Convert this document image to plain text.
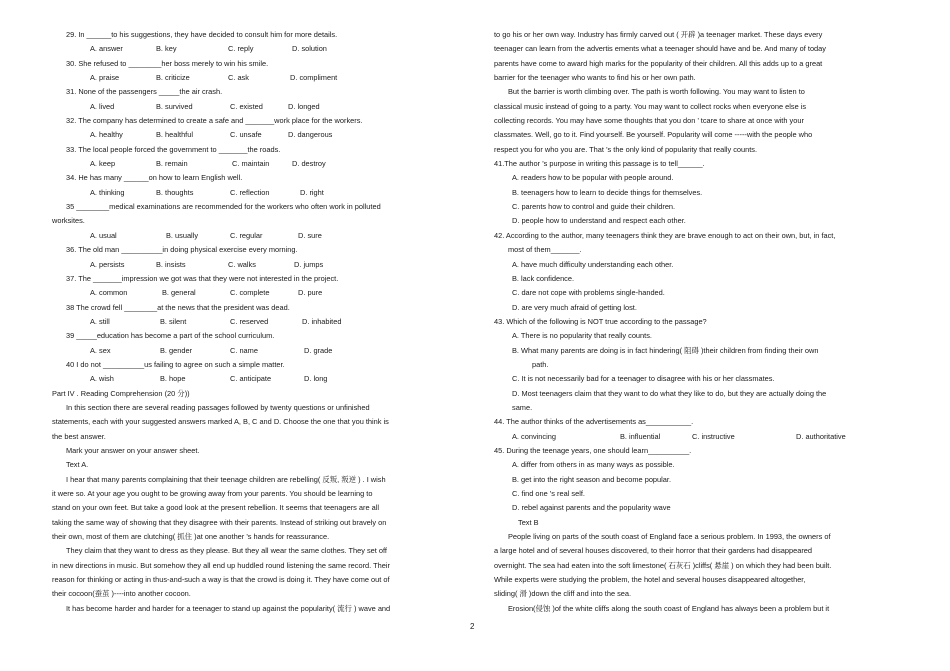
29. In ______to his suggestions, they have decided to consult him for more details.
A. answer	B. key	C. reply	D. solution
30. She refused to ________her boss merely to win his smile.
A. praise	B. criticize	C. ask	D. compliment
31. None of the passengers _____the air crash.
A. lived	B. survived	C. existed	D. longed
32. The company has determined to create a safe and _______work place for the workers.
A. healthy	B. healthful	C. unsafe	D. dangerous
33. The local people forced the government to _______the roads.
A. keep	B. remain	C. maintain	D. destroy
34. He has many ______on how to learn English well.
A. thinking	B. thoughts	C. reflection	D. right
35 ________medical examinations are recommended for the workers who often work in polluted
worksites.
A. usual	B. usually	C. regular	D. sure
36. The old man __________in doing physical exercise every morning.
A. persists	B. insists	C. walks	D. jumps
37. The _______impression we got was that they were not interested in the project.
A. common	B. general	C. complete	D. pure
38 The crowd fell ________at the news that the president was dead.
A. still	B. silent	C. reserved	D. inhabited
39 _____education has become a part of the school curriculum.
A. sex	B. gender	C. name	D. grade
40 I do not __________us failing to agree on such a simple matter.
A. wish	B. hope	C. anticipate	D. long
Part IV . Reading Comprehension (20 分))
In this section there are several reading passages followed by twenty questions or unfinished
statements, each with your suggested answers marked A, B, C and D. Choose the one that you think is
the best answer.
Mark your answer on your answer sheet.
Text A.
I hear that many parents complaining that their teenage children are rebelling( 反叛, 叛逆 ) . I wish
it were so. At your age you ought to be growing away from your parents. You should be learning to
stand on your own feet. But take a good look at the present rebellion. It seems that teenagers are all
taking the same way of showing that they disagree with their parents. Instead of striking out bravely on
their own, most of them are clutching( 抓住 )at one another ’s hands for reassurance.
They claim that they want to dress as they please. But they all wear the same clothes. They set off
in new directions in music. But somehow they all end up huddled round listening the same record. Their
reason for thinking or acting in thus-and-such a way is that the crowd is doing it. They have come out of
their cocoon(蚕茧 )----into another cocoon.
It has become harder and harder for a teenager to stand up against the popularity( 流行 ) wave and
to go his or her own way. Industry has firmly carved out ( 开辟 )a teenager market. These days every
teenager can learn from the advertis ements what a teenager should have and be. And many of today
parents have come to award high marks for the popularity of their children. All this adds up to a great
barrier for the teenager who wants to find his or her own path.
But the barrier is worth climbing over. The path is worth following. You may want to listen to
classical music instead of going to a party. You may want to collect rocks when everyone else is
collecting records. You may have some thoughts that you don ’ tcare to share at once with your
classmates. Well, go to it. Find yourself. Be yourself. Popularity will come -----with the people who
respect you for who you are. That ’s the only kind of popularity that really counts.
41.The author ’s purpose in writing this passage is to tell______.
A. readers how to be popular with people around.
B. teenagers how to learn to decide things for themselves.
C. parents how to control and guide their children.
D. people how to understand and respect each other.
42. According to the author, many teenagers think they are brave enough to act on their own, but, in fact,
most of them_______.
A. have much difficulty understanding each other.
B. lack confidence.
C. dare not cope with problems single-handed.
D. are very much afraid of getting lost.
43. Which of the following is NOT true according to the passage?
A. There is no popularity that really counts.
B. What many parents are doing is in fact hindering( 阻碍 )their children from finding their own
path.
C. It is not necessarily bad for a teenager to disagree with his or her classmates.
D. Most teenagers claim that they want to do what they like to do, but they are actually doing the
same.
44. The author thinks of the advertisements as___________.
A. convincing	B. influential	C. instructive	D. authoritative
45. During the teenage years, one should learn__________.
A. differ from others in as many ways as possible.
B. get into the right season and become popular.
C. find one ’s real self.
D. rebel against parents and the popularity wave
Text B
People living on parts of the south coast of England face a serious problem. In 1993, the owners of
a large hotel and of several houses discovered, to their horror that their gardens had disappeared
overnight. The sea had eaten into the soft limestone( 石灰石 )cliffs( 悬崖 ) on which they had been built.
While experts were studying the problem, the hotel and several houses disappeared altogether,
sliding( 滑 )down the cliff and into the sea.
Erosion(侵蚀 )of the white cliffs along the south coast of England has always been a problem but it
2
